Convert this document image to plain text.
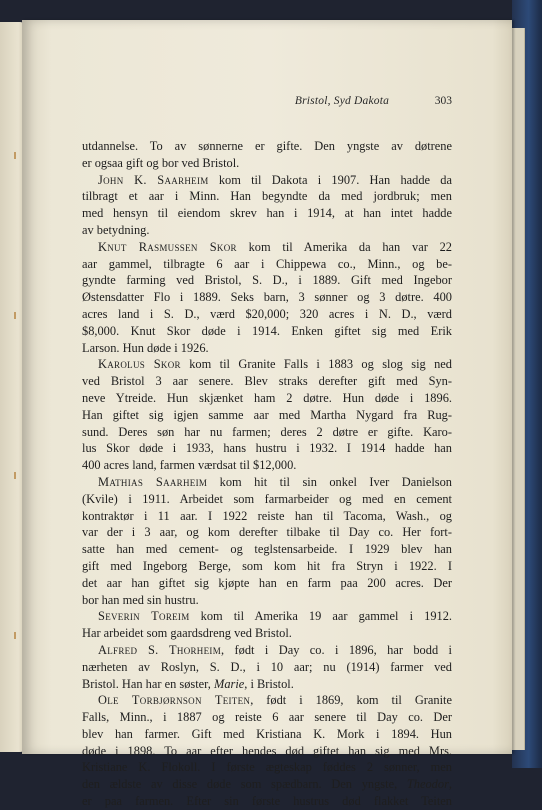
Bristol, Syd Dakota	303
utdannelse. To av sønnerne er gifte. Den yngste av døtrene
er ogsaa gift og bor ved Bristol.
John K. Saarheim kom til Dakota i 1907. Han hadde da
tilbragt et aar i Minn. Han begyndte da med jordbruk; men
med hensyn til eiendom skrev han i 1914, at han intet hadde
av betydning.
Knut Rasmussen Skor kom til Amerika da han var 22
aar gammel, tilbragte 6 aar i Chippewa co., Minn., og be-
gyndte farming ved Bristol, S. D., i 1889. Gift med Ingebor
Østensdatter Flo i 1889. Seks barn, 3 sønner og 3 døtre. 400
acres land i S. D., værd $20,000; 320 acres i N. D., værd
$8,000. Knut Skor døde i 1914. Enken giftet sig med Erik
Larson. Hun døde i 1926.
Karolus Skor kom til Granite Falls i 1883 og slog sig ned
ved Bristol 3 aar senere. Blev straks derefter gift med Syn-
neve Ytreide. Hun skjænket ham 2 døtre. Hun døde i 1896.
Han giftet sig igjen samme aar med Martha Nygard fra Rug-
sund. Deres søn har nu farmen; deres 2 døtre er gifte. Karo-
lus Skor døde i 1933, hans hustru i 1932. I 1914 hadde han
400 acres land, farmen værdsat til $12,000.
Mathias Saarheim kom hit til sin onkel Iver Danielson
(Kvile) i 1911. Arbeidet som farmarbeider og med en cement
kontraktør i 11 aar. I 1922 reiste han til Tacoma, Wash., og
var der i 3 aar, og kom derefter tilbake til Day co. Her fort-
satte han med cement- og teglstensarbeide. I 1929 blev han
gift med Ingeborg Berge, som kom hit fra Stryn i 1922. I
det aar han giftet sig kjøpte han en farm paa 200 acres. Der
bor han med sin hustru.
Severin Toreim kom til Amerika 19 aar gammel i 1912.
Har arbeidet som gaardsdreng ved Bristol.
Alfred S. Thorheim, født i Day co. i 1896, har bodd i
nærheten av Roslyn, S. D., i 10 aar; nu (1914) farmer ved
Bristol. Han har en søster, Marie, i Bristol.
Ole Torbjørnson Teiten, født i 1869, kom til Granite
Falls, Minn., i 1887 og reiste 6 aar senere til Day co. Der
blev han farmer. Gift med Kristiana K. Mork i 1894. Hun
døde i 1898. To aar efter hendes død giftet han sig med Mrs.
Kristiane K. Flokoll. I første ægteskap føddes 2 sønner, men
den ældste av disse døde som spædbarn. Den yngste, Theodor,
er paa farmen. Efter sin første hustrus død flakket Teiten
